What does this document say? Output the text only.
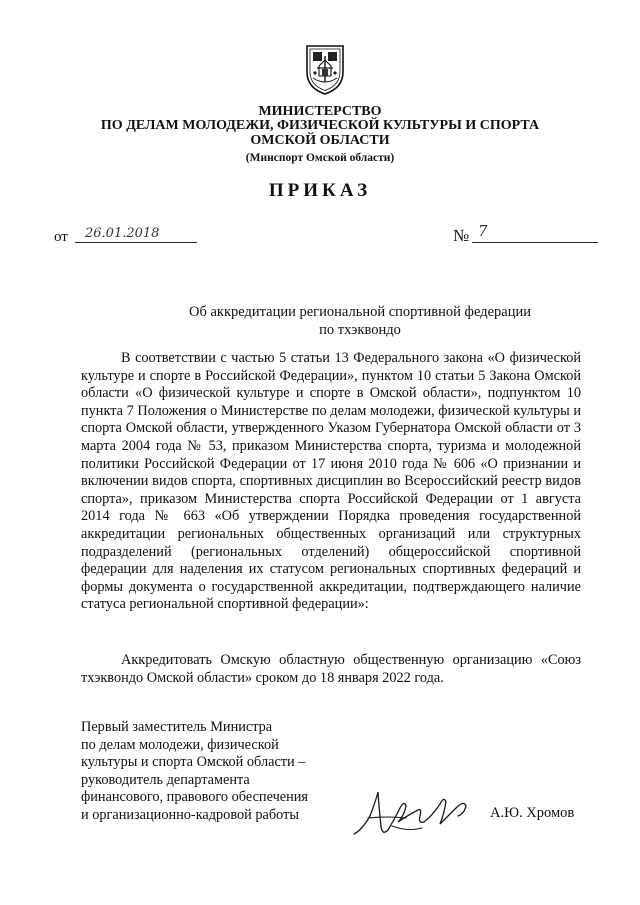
МИНИСТЕРСТВО
ПО ДЕЛАМ МОЛОДЕЖИ, ФИЗИЧЕСКОЙ КУЛЬТУРЫ И СПОРТА
ОМСКОЙ ОБЛАСТИ
(Минспорт Омской области)
ПРИКАЗ
от 26.01.2018	№ 7
Об аккредитации региональной спортивной федерации
по тхэквондо

В соответствии с частью 5 статьи 13 Федерального закона «О физической культуре и спорте в Российской Федерации», пунктом 10 статьи 5 Закона Омской области «О физической культуре и спорте в Омской области», подпунктом 10 пункта 7 Положения о Министерстве по делам молодежи, физической культуры и спорта Омской области, утвержденного Указом Губернатора Омской области от 3 марта 2004 года № 53, приказом Министерства спорта, туризма и молодежной политики Российской Федерации от 17 июня 2010 года № 606 «О признании и включении видов спорта, спортивных дисциплин во Всероссийский реестр видов спорта», приказом Министерства спорта Российской Федерации от 1 августа 2014 года № 663 «Об утверждении Порядка проведения государственной аккредитации региональных общественных организаций или структурных подразделений (региональных отделений) общероссийской спортивной федерации для наделения их статусом региональных спортивных федераций и формы документа о государственной аккредитации, подтверждающего наличие статуса региональной спортивной федерации»:

Аккредитовать Омскую областную общественную организацию «Союз тхэквондо Омской области» сроком до 18 января 2022 года.

Первый заместитель Министра
по делам молодежи, физической
культуры и спорта Омской области –
руководитель департамента
финансового, правового обеспечения
и организационно-кадровой работы	А.Ю. Хромов
